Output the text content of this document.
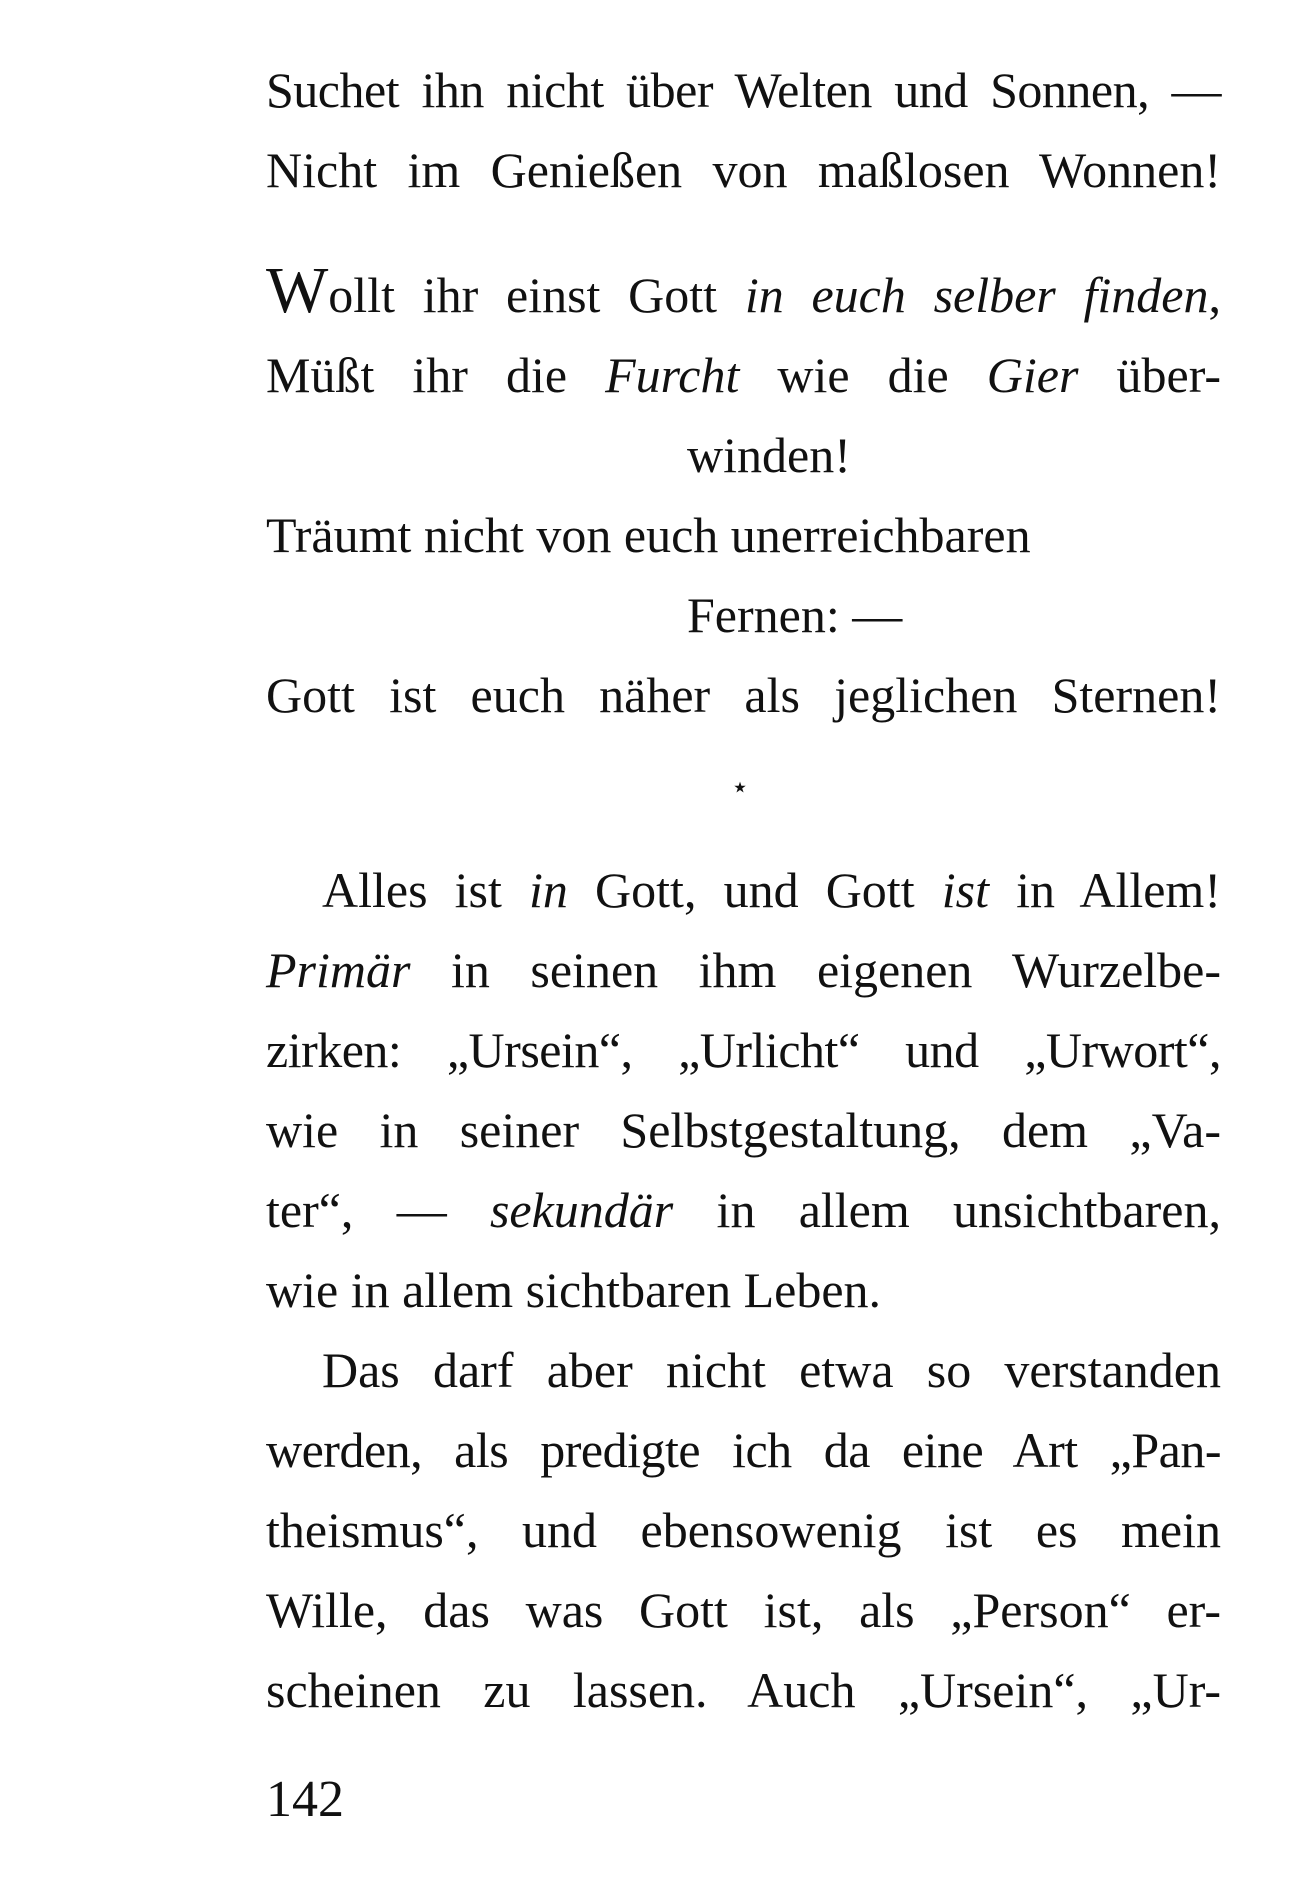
Suchet ihn nicht über Welten und Sonnen, —
Nicht im Genießen von maßlosen Wonnen!
Wollt ihr einst Gott in euch selber finden,
Müßt ihr die Furcht wie die Gier über-
winden!
Träumt nicht von euch unerreichbaren
Fernen: —
Gott ist euch näher als jeglichen Sternen!
⋆
Alles ist in Gott, und Gott ist in Allem!
Primär in seinen ihm eigenen Wurzelbe-
zirken: „Ursein“, „Urlicht“ und „Urwort“,
wie in seiner Selbstgestaltung, dem „Va-
ter“, — sekundär in allem unsichtbaren,
wie in allem sichtbaren Leben.
Das darf aber nicht etwa so verstanden
werden, als predigte ich da eine Art „Pan-
theismus“, und ebensowenig ist es mein
Wille, das was Gott ist, als „Person“ er-
scheinen zu lassen. Auch „Ursein“, „Ur-
142
